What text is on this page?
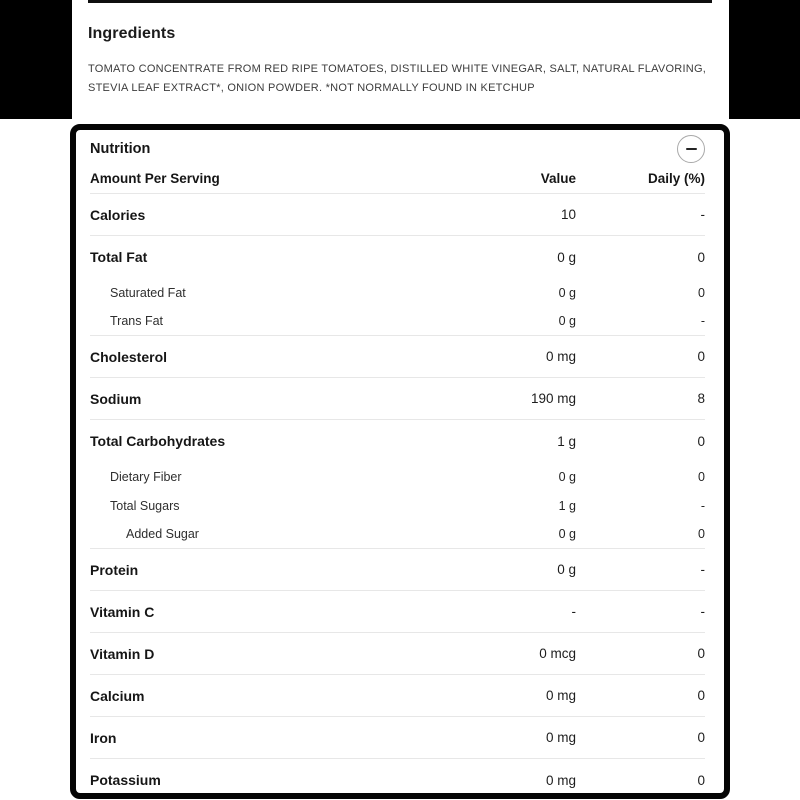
Ingredients

TOMATO CONCENTRATE FROM RED RIPE TOMATOES, DISTILLED WHITE VINEGAR, SALT, NATURAL FLAVORING, STEVIA LEAF EXTRACT*, ONION POWDER. *NOT NORMALLY FOUND IN KETCHUP

Nutrition
Amount Per Serving	Value	Daily (%)
Calories	10	-
Total Fat	0 g	0
Saturated Fat	0 g	0
Trans Fat	0 g	-
Cholesterol	0 mg	0
Sodium	190 mg	8
Total Carbohydrates	1 g	0
Dietary Fiber	0 g	0
Total Sugars	1 g	-
Added Sugar	0 g	0
Protein	0 g	-
Vitamin C	-	-
Vitamin D	0 mcg	0
Calcium	0 mg	0
Iron	0 mg	0
Potassium	0 mg	0
